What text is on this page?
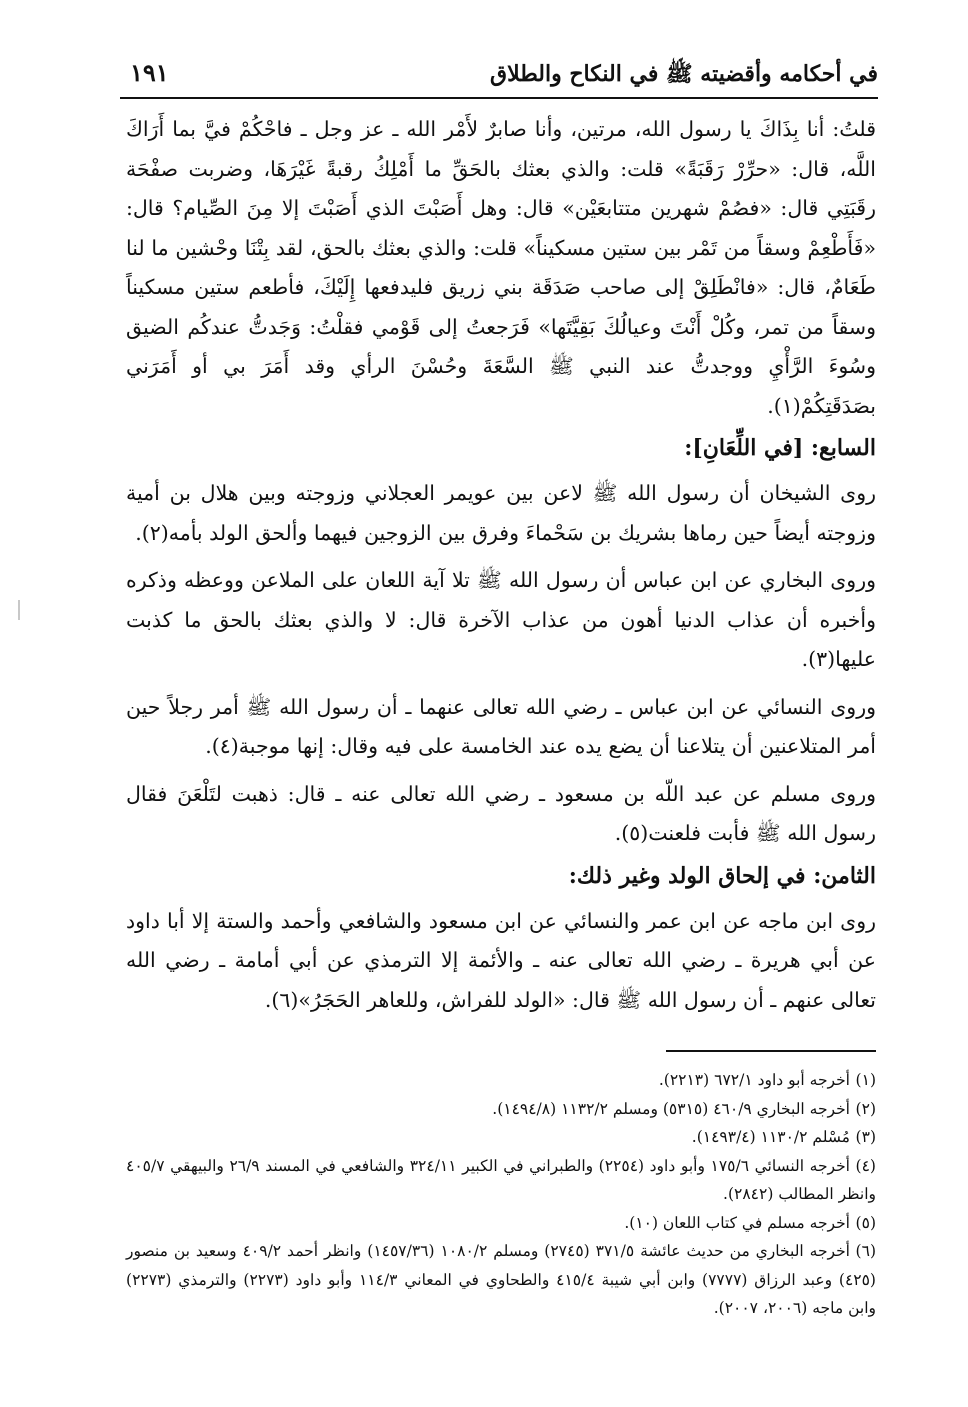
في أحكامه وأقضيته ﷺ في النكاح والطلاق
١٩١

قلتُ: أنا بِذَاكَ يا رسول الله، مرتين، وأنا صابرٌ لأَمْر الله ـ عز وجل ـ فاحْكُمْ فيَّ بما أَرَاكَ اللَّه، قال: «حرِّرْ رَقَبَةً» قلت: والذي بعثك بالحَقِّ ما أَمْلِكُ رقبةً غَيْرَهَا، وضربت صفْحَة رقَبَتِي قال: «فصُمْ شهرين متتابعَيْن» قال: وهل أَصَبْتَ الذي أَصَبْتَ إلا مِنَ الصِّيام؟ قال: «فَأَطْعِمْ وسقاً من تَمْر بين ستين مسكيناً» قلت: والذي بعثك بالحق، لقد بِتْنَا وحْشين ما لنا طَعَامٌ، قال: «فانْطَلِقْ إلى صاحب صَدَقَة بني زريق فليدفعها إِلَيْكَ، فأطعم ستين مسكيناً وسقاً من تمر، وكُلْ أَنْتَ وعيالُكَ بَقِيَّتَها» فَرَجعتُ إلى قَوْمي فقلْتُ: وَجَدتُّ عندكُم الضيق وسُوءَ الرَّأْيِ ووجدتُّ عند النبي ﷺ السَّعَةَ وحُسْنَ الرأي وقد أَمَرَ بي أو أَمَرَني بصَدَقَتِكُمْ(١).

السابع: [في اللِّعَانِ]:

روى الشيخان أن رسول الله ﷺ لاعن بين عويمر العجلاني وزوجته وبين هلال بن أمية وزوجته أيضاً حين رماها بشريك بن سَحْماءَ وفرق بين الزوجين فيهما وألحق الولد بأمه(٢).

وروى البخاري عن ابن عباس أن رسول الله ﷺ تلا آية اللعان على الملاعن ووعظه وذكره وأخبره أن عذاب الدنيا أهون من عذاب الآخرة قال: لا والذي بعثك بالحق ما كذبت عليها(٣).

وروى النسائي عن ابن عباس ـ رضي الله تعالى عنهما ـ أن رسول الله ﷺ أمر رجلاً حين أمر المتلاعنين أن يتلاعنا أن يضع يده عند الخامسة على فيه وقال: إنها موجبة(٤).

وروى مسلم عن عبد اللّه بن مسعود ـ رضي الله تعالى عنه ـ قال: ذهبت لتَلْعَنَ فقال رسول الله ﷺ فأبت فلعنت(٥).

الثامن: في إلحاق الولد وغير ذلك:

روى ابن ماجه عن ابن عمر والنسائي عن ابن مسعود والشافعي وأحمد والستة إلا أبا داود عن أبي هريرة ـ رضي الله تعالى عنه ـ والأئمة إلا الترمذي عن أبي أمامة ـ رضي الله تعالى عنهم ـ أن رسول الله ﷺ قال: «الولد للفراش، وللعاهر الحَجَرُ»(٦).

(١)أخرجه أبو داود ٦٧٢/١ (٢٢١٣).

(٢)أخرجه البخاري ٤٦٠/٩ (٥٣١٥) ومسلم ١١٣٢/٢ (١٤٩٤/٨).

(٣)مُسْلم ١١٣٠/٢ (١٤٩٣/٤).

(٤)أخرجه النسائي ١٧٥/٦ وأبو داود (٢٢٥٤) والطبراني في الكبير ٣٢٤/١١ والشافعي في المسند ٢٦/٩ والبيهقي ٤٠٥/٧ وانظر المطالب (٢٨٤٢).

(٥)أخرجه مسلم في كتاب اللعان (١٠).

(٦)أخرجه البخاري من حديث عائشة ٣٧١/٥ (٢٧٤٥) ومسلم ١٠٨٠/٢ (١٤٥٧/٣٦) وانظر أحمد ٤٠٩/٢ وسعيد بن منصور (٤٢٥) وعبد الرزاق (٧٧٧٧) وابن أبي شيبة ٤١٥/٤ والطحاوي في المعاني ١١٤/٣ وأبو داود (٢٢٧٣) والترمذي (٢٢٧٣) وابن ماجه (٢٠٠٦، ٢٠٠٧).
